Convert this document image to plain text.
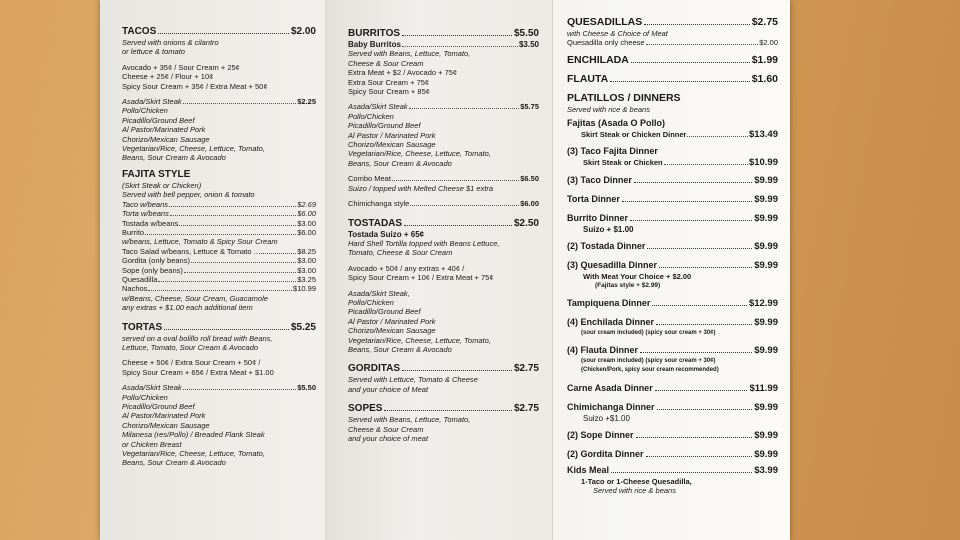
TACOS	$2.00
Served with onions & cilantro
or lettuce & tomato
Avocado + 35¢ / Sour Cream + 25¢
Cheese + 25¢ / Flour + 10¢
Spicy Sour Cream + 35¢ / Extra Meat + 50¢
Asada/Skirt Steak	$2.25
Pollo/Chicken
Picadillo/Ground Beef
Al Pastor/Marinated Pork
Chorizo/Mexican Sausage
Vegetarian/Rice, Cheese, Lettuce, Tomato,
Beans, Sour Cream & Avocado
FAJITA STYLE
(Skirt Steak or Chicken)
Served with bell pepper, onion & tomato
Taco w/beans	$2.69
Torta w/beans	$6.00
Tostada w/beans	$3.00
Burrito	$6.00
w/beans, Lettuce, Tomato & Spicy Sour Cream
Taco Salad w/beans, Lettuce & Tomato ..	$8.25
Gordita (only beans)	$3.00
Sope (only beans)	$3.00
Quesadilla	$3.25
Nachos	$10.99
w/Beans, Cheese, Sour Cream, Guacamole
any extras + $1.00 each additional item
TORTAS	$5.25
served on a oval bolillo roll bread with Beans,
Lettuce, Tomato, Sour Cream & Avocado
Cheese + 50¢ / Extra Sour Cream + 50¢ /
Spicy Sour Cream + 65¢ / Extra Meat + $1.00
Asada/Skirt Steak	$5.50
Pollo/Chicken
Picadillo/Ground Beef
Al Pastor/Marinated Pork
Chorizo/Mexican Sausage
Milanesa (res/Pollo) / Breaded Flank Steak
or Chicken Breast
Vegetarian/Rice, Cheese, Lettuce, Tomato,
Beans, Sour Cream & Avocado
BURRITOS	$5.50
Baby Burritos	$3.50
Served with Beans, Lettuce, Tomato,
Cheese & Sour Cream
Extra Meat + $2 / Avocado + 75¢
Extra Sour Cream + 75¢
Spicy Sour Cream + 85¢
Asada/Skirt Steak	$5.75
Pollo/Chicken
Picadillo/Ground Beef
Al Pastor / Marinated Pork
Chorizo/Mexican Sausage
Vegetarian/Rice, Cheese, Lettuce, Tomato,
Beans, Sour Cream & Avocado
Combo Meat	$6.50
Suizo / topped with Melted Cheese $1 extra
Chimichanga style	$6.00
TOSTADAS	$2.50
Tostada Suizo + 65¢
Hard Shell Tortilla topped with Beans Lettuce,
Tomato, Cheese & Sour Cream
Avocado + 50¢ / any extras + 40¢ /
Spicy Sour Cream + 10¢ / Extra Meat + 75¢
Asada/Skirt Steak,
Pollo/Chicken
Picadillo/Ground Beef
Al Pastor / Marinated Pork
Chorizo/Mexican Sausage
Vegetarian/Rice, Cheese, Lettuce, Tomato,
Beans, Sour Cream & Avocado
GORDITAS	$2.75
Served with Lettuce, Tomato & Cheese
and your choice of Meat
SOPES	$2.75
Served with Beans, Lettuce, Tomato,
Cheese & Sour Cream
and your choice of meat
QUESADILLAS	$2.75
with Cheese & Choice of Meat
Quesadilla only cheese	$2.00
ENCHILADA	$1.99
FLAUTA	$1.60
PLATILLOS / DINNERS
Served with rice & beans
Fajitas (Asada O Pollo)
Skirt Steak or Chicken Dinner	$13.49
(3) Taco Fajita Dinner
Skirt Steak or Chicken	$10.99
(3) Taco Dinner	$9.99
Torta Dinner	$9.99
Burrito Dinner	$9.99
Suizo + $1.00
(2) Tostada Dinner	$9.99
(3) Quesadilla Dinner	$9.99
With Meat Your Choice + $2.00
(Fajitas style + $2.99)
Tampiquena Dinner	$12.99
(4) Enchilada Dinner	$9.99
(sour cream included) (spicy sour cream + 30¢)
(4) Flauta Dinner	$9.99
(sour cream included) (spicy sour cream + 30¢)
(Chicken/Pork, spicy sour cream recommended)
Carne Asada Dinner	$11.99
Chimichanga Dinner	$9.99
Suizo +$1.00
(2) Sope Dinner	$9.99
(2) Gordita Dinner	$9.99
Kids Meal	$3.99
1-Taco or 1-Cheese Quesadilla,
Served with rice & beans
